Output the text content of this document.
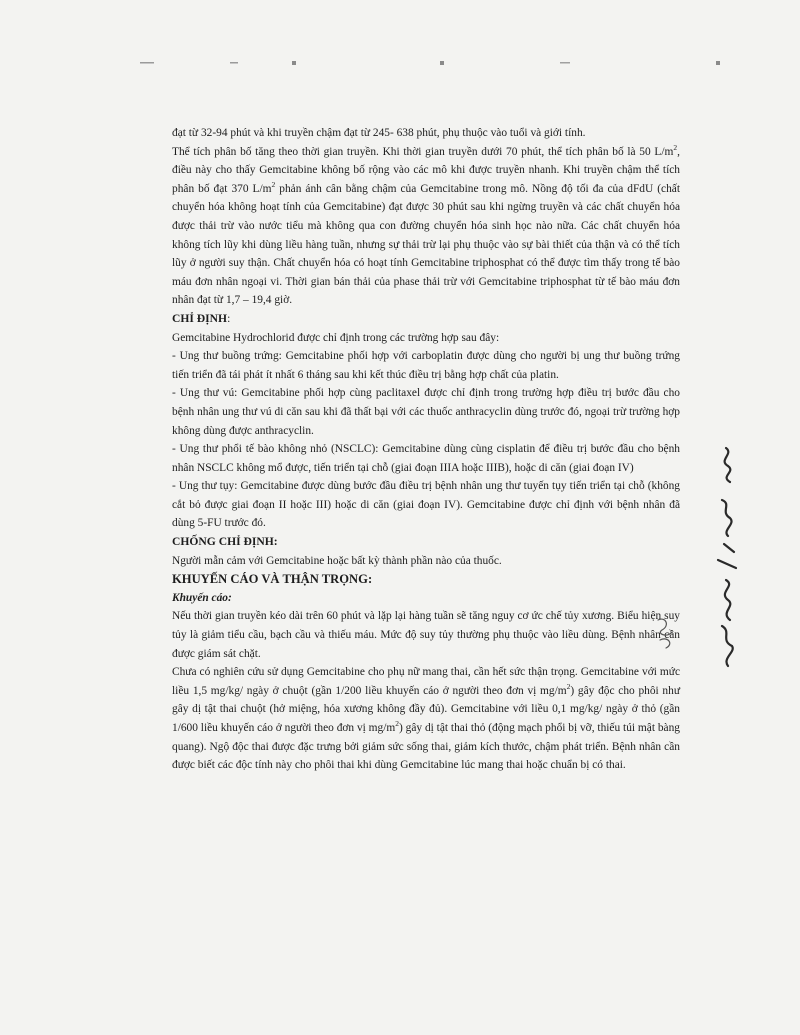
đạt từ 32-94 phút và khi truyền chậm đạt từ 245- 638 phút, phụ thuộc vào tuổi và giới tính.

Thể tích phân bố tăng theo thời gian truyền. Khi thời gian truyền dưới 70 phút, thể tích phân bố là 50 $L/m^2$, điều này cho thấy Gemcitabine không bố rộng vào các mô khi được truyền nhanh. Khi truyền chậm thể tích phân bố đạt 370 $L/m^2$ phản ánh cân bằng chậm của Gemcitabine trong mô. Nồng độ tối đa của dFdU (chất chuyển hóa không hoạt tính của Gemcitabine) đạt được 30 phút sau khi ngừng truyền và các chất chuyển hóa được thải trừ vào nước tiểu mà không qua con đường chuyển hóa sinh học nào nữa. Các chất chuyển hóa không tích lũy khi dùng liều hàng tuần, nhưng sự thải trừ lại phụ thuộc vào sự bài thiết của thận và có thể tích lũy ở người suy thận. Chất chuyển hóa có hoạt tính Gemcitabine triphosphat có thể được tìm thấy trong tế bào máu đơn nhân ngoại vi. Thời gian bán thải của phase thải trừ với Gemcitabine triphosphat từ tế bào máu đơn nhân đạt từ 1,7 – 19,4 giờ.

CHỈ ĐỊNH:

Gemcitabine Hydrochlorid được chỉ định trong các trường hợp sau đây:

- Ung thư buồng trứng: Gemcitabine phối hợp với carboplatin được dùng cho người bị ung thư buồng trứng tiến triển đã tái phát ít nhất 6 tháng sau khi kết thúc điều trị bằng hợp chất của platin.

- Ung thư vú: Gemcitabine phối hợp cùng paclitaxel được chỉ định trong trường hợp điều trị bước đầu cho bệnh nhân ung thư vú di căn sau khi đã thất bại với các thuốc anthracyclin dùng trước đó, ngoại trừ trường hợp không dùng được anthracyclin.

- Ung thư phổi tế bào không nhỏ (NSCLC): Gemcitabine dùng cùng cisplatin để điều trị bước đầu cho bệnh nhân NSCLC không mổ được, tiến triển tại chỗ (giai đoạn IIIA hoặc IIIB), hoặc di căn (giai đoạn IV)

- Ung thư tụy: Gemcitabine được dùng bước đầu điều trị bệnh nhân ung thư tuyến tụy tiến triển tại chỗ (không cắt bỏ được giai đoạn II hoặc III) hoặc di căn (giai đoạn IV). Gemcitabine được chỉ định với bệnh nhân đã dùng 5-FU trước đó.

CHỐNG CHỈ ĐỊNH:

Người mẫn cảm với Gemcitabine hoặc bất kỳ thành phần nào của thuốc.

KHUYẾN CÁO VÀ THẬN TRỌNG:

Khuyến cáo:

Nếu thời gian truyền kéo dài trên 60 phút và lặp lại hàng tuần sẽ tăng nguy cơ ức chế tủy xương. Biểu hiện suy tủy là giảm tiểu cầu, bạch cầu và thiếu máu. Mức độ suy tủy thường phụ thuộc vào liều dùng. Bệnh nhân cần được giám sát chặt.

Chưa có nghiên cứu sử dụng Gemcitabine cho phụ nữ mang thai, cần hết sức thận trọng. Gemcitabine với mức liều 1,5 mg/kg/ ngày ở chuột (gần 1/200 liều khuyến cáo ở người theo đơn vị $mg/m^2$) gây độc cho phôi như gây dị tật thai chuột (hở miệng, hóa xương không đầy đủ). Gemcitabine với liều 0,1 mg/kg/ ngày ở thỏ (gần 1/600 liều khuyến cáo ở người theo đơn vị $mg/m^2$) gây dị tật thai thỏ (động mạch phổi bị vỡ, thiếu túi mật bàng quang). Ngộ độc thai được đặc trưng bởi giảm sức sống thai, giảm kích thước, chậm phát triển. Bệnh nhân cần được biết các độc tính này cho phôi thai khi dùng Gemcitabine lúc mang thai hoặc chuẩn bị có thai.
